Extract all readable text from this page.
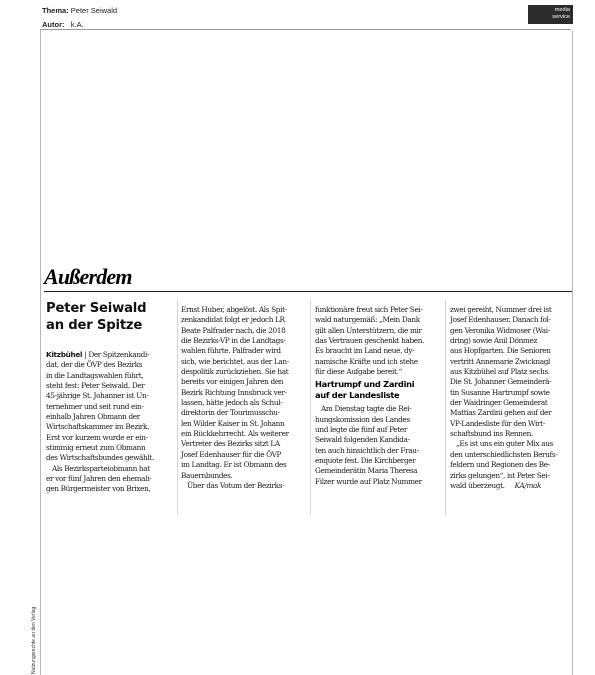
Thema: Peter Seiwald
Autor: k.A.
media
service
Nutzungsrechte an den Verlag
Außerdem
Peter Seiwald
an der Spitze
Kitzbühel | Der Spitzenkandi-
dat, der die ÖVP des Bezirks
in die Landtagswahlen führt,
steht fest: Peter Seiwald. Der
45-jährige St. Johanner ist Un-
ternehmer und seit rund ein-
einhalb Jahren Obmann der
Wirtschaftskammer im Bezirk.
Erst vor kurzem wurde er ein-
stimmig erneut zum Obmann
des Wirtschaftsbundes gewählt.
Als Bezirksparteiobmann hat
er vor fünf Jahren den ehemali-
gen Bürgermeister von Brixen,
Ernst Huber, abgelöst. Als Spit-
zenkandidat folgt er jedoch LR
Beate Palfrader nach, die 2018
die Bezirks-VP in die Landtags-
wahlen führte. Palfrader wird
sich, wie berichtet, aus der Lan-
despolitik zurückziehen. Sie hat
bereits vor einigen Jahren den
Bezirk Richtung Innsbruck ver-
lassen, hätte jedoch als Schul-
direktorin der Tourimusschu-
len Wilder Kaiser in St. Johann
ein Rückkehrrecht. Als weiterer
Vertreter des Bezirks sitzt LA
Josef Edenhauser für die ÖVP
im Landtag. Er ist Obmann des
Bauernbundes.
Über das Votum der Bezirks-
funktionäre freut sich Peter Sei-
wald naturgemäß: „Mein Dank
gilt allen Unterstützern, die mir
das Vertrauen geschenkt haben.
Es braucht im Land neue, dy-
namische Kräfte und ich stehe
für diese Aufgabe bereit.“
Hartrumpf und Zardini
auf der Landesliste
Am Dienstag tagte die Rei-
hungskomission des Landes
und legte die fünf auf Peter
Seiwald folgenden Kandida-
ten auch hinsichtlich der Frau-
enquote fest. Die Kirchberger
Gemeinderätin Maria Theresa
Filzer wurde auf Platz Nummer
zwei gereiht, Nummer drei ist
Josef Edenhauser. Danach fol-
gen Veronika Widmoser (Wai-
dring) sowie Anil Dönmez
aus Hopfgarten. Die Senioren
vertritt Annemarie Zwicknagl
aus Kitzbühel auf Platz sechs.
Die St. Johanner Gemeinderä-
tin Susanne Hartrumpf sowie
der Waidringer Gemeinderat
Mattias Zardini gehen auf der
VP-Landesliste für den Wirt-
schaftsbund ins Rennen.
„Es ist uns ein guter Mix aus
den unterschiedlichsten Berufs-
feldern und Regionen des Be-
zirks gelungen“, ist Peter Sei-
wald überzeugt. KA/mak
